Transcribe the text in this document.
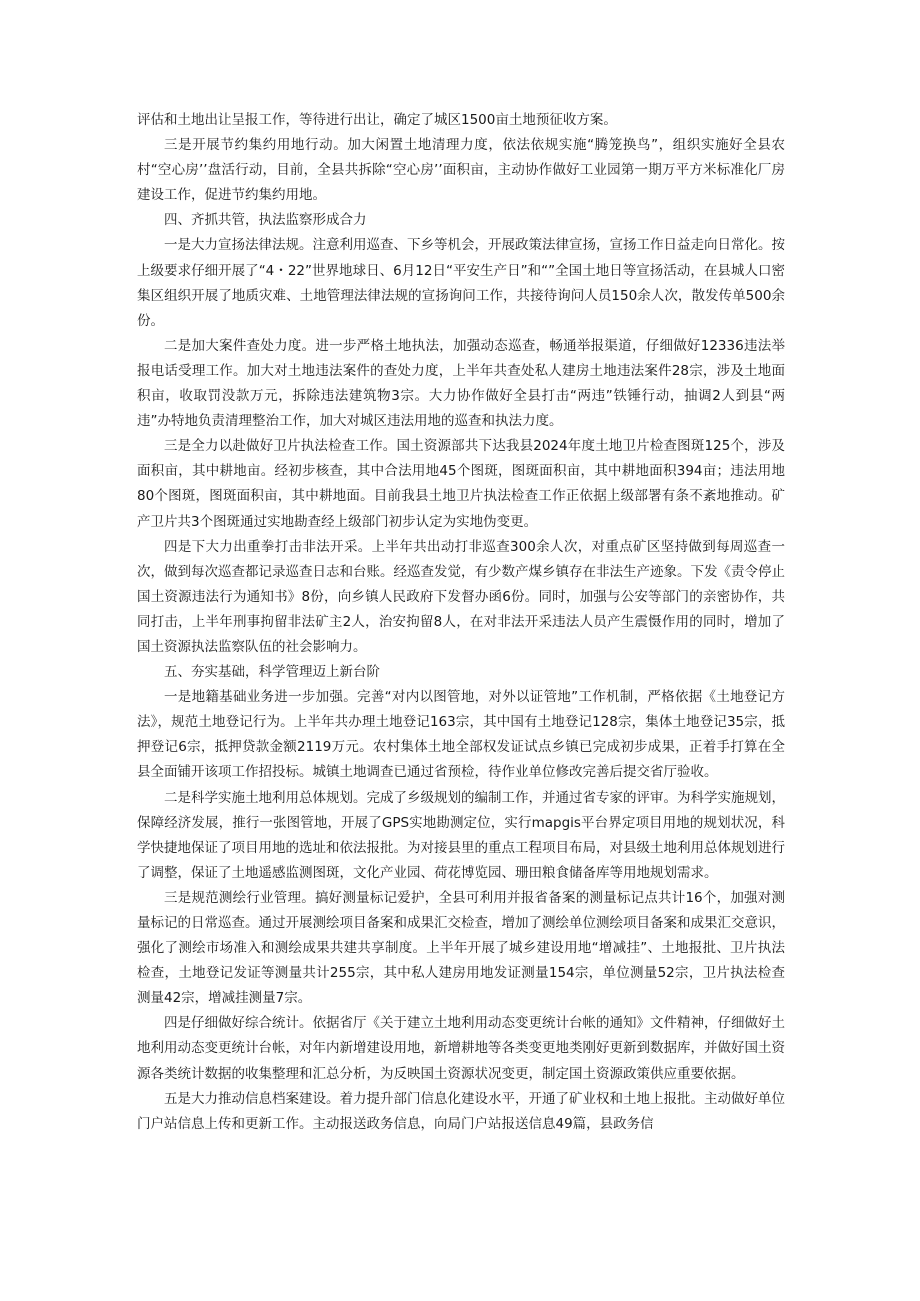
评估和土地出让呈报工作，等待进行出让，确定了城区1500亩土地预征收方案。

三是开展节约集约用地行动。加大闲置土地清理力度，依法依规实施“腾笼换鸟”，组织实施好全县农村“空心房’’盘活行动，目前，全县共拆除“空心房’’面积亩，主动协作做好工业园第一期万平方米标准化厂房建设工作，促进节约集约用地。

四、齐抓共管，执法监察形成合力

一是大力宣扬法律法规。注意利用巡查、下乡等机会，开展政策法律宣扬，宣扬工作日益走向日常化。按上级要求仔细开展了“4・22”世界地球日、6月12日“平安生产日”和“”全国土地日等宣扬活动，在县城人口密集区组织开展了地质灾难、土地管理法律法规的宣扬询问工作，共接待询问人员150余人次，散发传单500余份。

二是加大案件查处力度。进一步严格土地执法，加强动态巡查，畅通举报渠道，仔细做好12336违法举报电话受理工作。加大对土地违法案件的查处力度，上半年共查处私人建房土地违法案件28宗，涉及土地面积亩，收取罚没款万元，拆除违法建筑物3宗。大力协作做好全县打击“两违”铁锤行动，抽调2人到县“两违”办特地负责清理整治工作，加大对城区违法用地的巡查和执法力度。

三是全力以赴做好卫片执法检查工作。国土资源部共下达我县2024年度土地卫片检查图斑125个，涉及面积亩，其中耕地亩。经初步核查，其中合法用地45个图斑，图斑面积亩，其中耕地面积394亩；违法用地80个图斑，图斑面积亩，其中耕地面。目前我县土地卫片执法检查工作正依据上级部署有条不紊地推动。矿产卫片共3个图斑通过实地勘查经上级部门初步认定为实地伪变更。

四是下大力出重拳打击非法开采。上半年共出动打非巡查300余人次，对重点矿区坚持做到每周巡查一次，做到每次巡查都记录巡查日志和台账。经巡查发觉，有少数产煤乡镇存在非法生产迹象。下发《责令停止国土资源违法行为通知书》8份，向乡镇人民政府下发督办函6份。同时，加强与公安等部门的亲密协作，共同打击，上半年刑事拘留非法矿主2人，治安拘留8人，在对非法开采违法人员产生震慑作用的同时，增加了国土资源执法监察队伍的社会影响力。

五、夯实基础，科学管理迈上新台阶

一是地籍基础业务进一步加强。完善“对内以图管地，对外以证管地”工作机制，严格依据《土地登记方法》，规范土地登记行为。上半年共办理土地登记163宗，其中国有土地登记128宗，集体土地登记35宗，抵押登记6宗，抵押贷款金额2119万元。农村集体土地全部权发证试点乡镇已完成初步成果，正着手打算在全县全面铺开该项工作招投标。城镇土地调查已通过省预检，待作业单位修改完善后提交省厅验收。

二是科学实施土地利用总体规划。完成了乡级规划的编制工作，并通过省专家的评审。为科学实施规划，保障经济发展，推行一张图管地，开展了GPS实地勘测定位，实行mapgis平台界定项目用地的规划状况，科学快捷地保证了项目用地的选址和依法报批。为对接县里的重点工程项目布局，对县级土地利用总体规划进行了调整，保证了土地遥感监测图斑，文化产业园、荷花博览园、珊田粮食储备库等用地规划需求。

三是规范测绘行业管理。搞好测量标记爱护，全县可利用并报省备案的测量标记点共计16个，加强对测量标记的日常巡查。通过开展测绘项目备案和成果汇交检查，增加了测绘单位测绘项目备案和成果汇交意识，强化了测绘市场准入和测绘成果共建共享制度。上半年开展了城乡建设用地“增减挂”、土地报批、卫片执法检查，土地登记发证等测量共计255宗，其中私人建房用地发证测量154宗，单位测量52宗，卫片执法检查测量42宗，增减挂测量7宗。

四是仔细做好综合统计。依据省厅《关于建立土地利用动态变更统计台帐的通知》文件精神，仔细做好土地利用动态变更统计台帐，对年内新增建设用地，新增耕地等各类变更地类刚好更新到数据库，并做好国土资源各类统计数据的收集整理和汇总分析，为反映国土资源状况变更，制定国土资源政策供应重要依据。

五是大力推动信息档案建设。着力提升部门信息化建设水平，开通了矿业权和土地上报批。主动做好单位门户站信息上传和更新工作。主动报送政务信息，向局门户站报送信息49篇，县政务信
